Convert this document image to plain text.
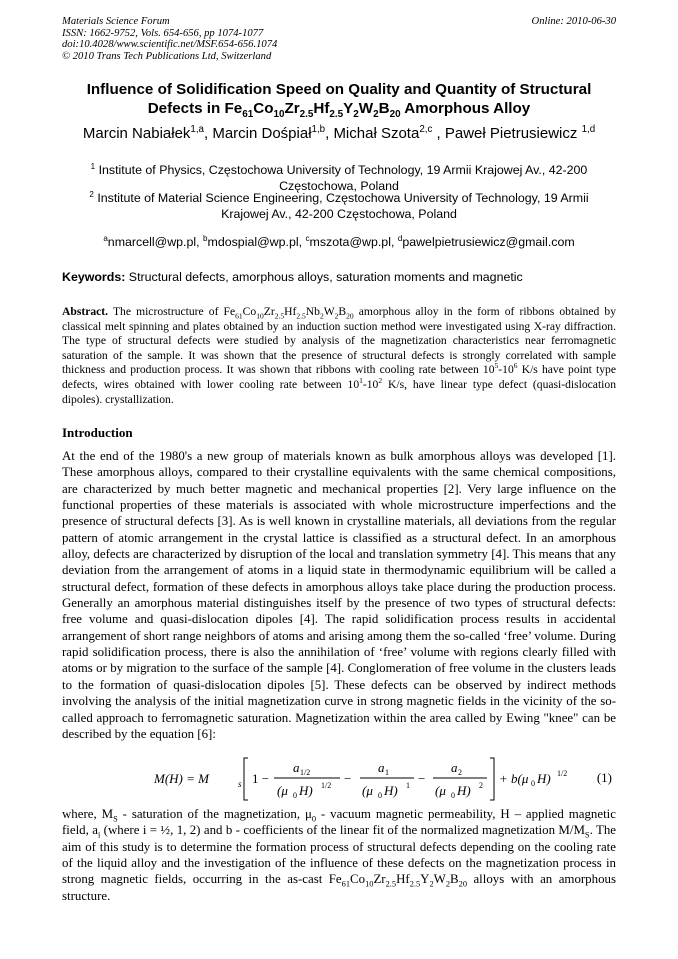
Materials Science Forum
ISSN: 1662-9752, Vols. 654-656, pp 1074-1077
doi:10.4028/www.scientific.net/MSF.654-656.1074
© 2010 Trans Tech Publications Ltd, Switzerland
Online: 2010-06-30
Influence of Solidification Speed on Quality and Quantity of Structural
Defects in $Fe_{61}Co_{10}Zr_{2.5}Hf_{2.5}Y_2W_2B_{20}$ Amorphous Alloy
Marcin Nabiałek$^{1,a}$, Marcin Dośpiał$^{1,b}$, Michał Szota$^{2,c}$ , Paweł Pietrusiewicz $^{1,d}$
$^1$ Institute of Physics, Częstochowa University of Technology, 19 Armii Krajowej Av., 42-200 Częstochowa, Poland
$^2$ Institute of Material Science Engineering, Częstochowa University of Technology, 19 Armii Krajowej Av., 42-200 Częstochowa, Poland
$^a$nmarcell@wp.pl, $^b$mdospial@wp.pl, $^c$mszota@wp.pl, $^d$pawelpietrusiewicz@gmail.com
Keywords: Structural defects, amorphous alloys, saturation moments and magnetic
Abstract. The microstructure of $Fe_{61}Co_{10}Zr_{2.5}Hf_{2.5}Nb_2W_2B_{20}$ amorphous alloy in the form of ribbons obtained by classical melt spinning and plates obtained by an induction suction method were investigated using X-ray diffraction. The type of structural defects were studied by analysis of the magnetization characteristics near ferromagnetic saturation of the sample. It was shown that the presence of structural defects is strongly correlated with sample thickness and production process. It was shown that ribbons with cooling rate between $10^5-10^6$ K/s have point type defects, wires obtained with lower cooling rate between $10^1-10^2$ K/s, have linear type defect (quasi-dislocation dipoles). crystallization.
Introduction
At the end of the 1980's a new group of materials known as bulk amorphous alloys was developed [1]. These amorphous alloys, compared to their crystalline equivalents with the same chemical compositions, are characterized by much better magnetic and mechanical properties [2]. Very large influence on the functional properties of these materials is associated with whole microstructure imperfections and the presence of structural defects [3]. As is well known in crystalline materials, all deviations from the regular pattern of atomic arrangement in the crystal lattice is classified as a structural defect. In an amorphous alloy, defects are characterized by disruption of the local and translation symmetry [4]. This means that any deviation from the arrangement of atoms in a liquid state in thermodynamic equilibrium will be called a structural defect, formation of these defects in amorphous alloys take place during the production process. Generally an amorphous material distinguishes itself by the presence of two types of structural defects: free volume and quasi-dislocation dipoles [4]. The rapid solidification process results in accidental arrangement of short range neighbors of atoms and arising among them the so-called ‘free’ volume. During rapid solidification process, there is also the annihilation of ‘free’ volume with regions clearly filled with atoms or by migration to the surface of the sample [4]. Conglomeration of free volume in the clusters leads to the formation of quasi-dislocation dipoles [5]. These defects can be observed by indirect methods involving the analysis of the initial magnetization curve in strong magnetic fields in the vicinity of the so-called approach to ferromagnetic saturation. Magnetization within the area called by Ewing "knee" can be described by the equation [6]:
M(H) = M	s 1 −
a 1/2
(μ 0 H) 1/2 −
a 1
(μ 0 H) 1 −
a 2
(μ 0 H) 2 + b(μ 0 H) 1/2 (1)
where, $M_S$ - saturation of the magnetization, $\mu_0$ - vacuum magnetic permeability, H – applied magnetic field, $a_i$ (where i = ½, 1, 2) and b - coefficients of the linear fit of the normalized magnetization $M/M_S$. The aim of this study is to determine the formation process of structural defects depending on the cooling rate of the liquid alloy and the investigation of the influence of these defects on the magnetization process in strong magnetic fields, occurring in the as-cast $Fe_{61}Co_{10}Zr_{2.5}Hf_{2.5}Y_2W_2B_{20}$ alloys with an amorphous structure.
